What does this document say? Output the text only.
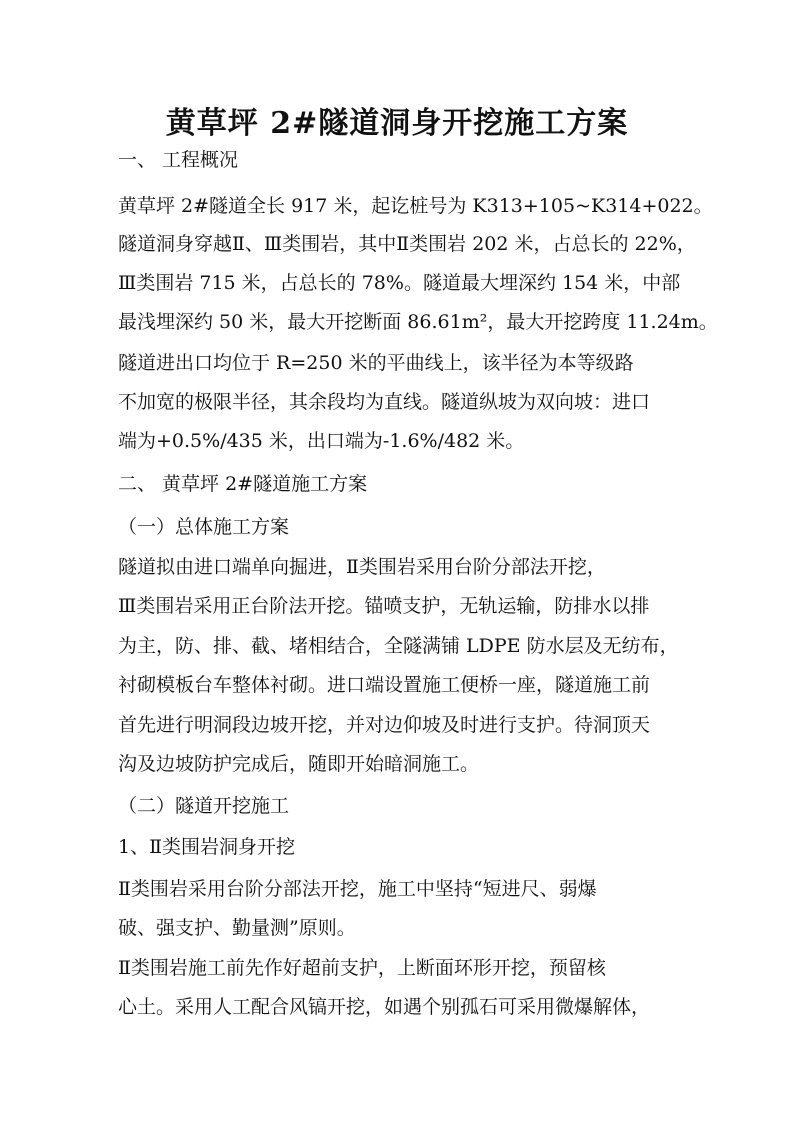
黄草坪 2#隧道洞身开挖施工方案
一、 工程概况
黄草坪 2#隧道全长 917 米，起讫桩号为 K313+105~K314+022。
隧道洞身穿越Ⅱ、Ⅲ类围岩，其中Ⅱ类围岩 202 米，占总长的 22%，
Ⅲ类围岩 715 米，占总长的 78%。隧道最大埋深约 154 米，中部
最浅埋深约 50 米，最大开挖断面 86.61m²，最大开挖跨度 11.24m。
隧道进出口均位于 R=250 米的平曲线上，该半径为本等级路
不加宽的极限半径，其余段均为直线。隧道纵坡为双向坡：进口
端为+0.5%/435 米，出口端为-1.6%/482 米。
二、 黄草坪 2#隧道施工方案
（一）总体施工方案
隧道拟由进口端单向掘进，Ⅱ类围岩采用台阶分部法开挖，
Ⅲ类围岩采用正台阶法开挖。锚喷支护，无轨运输，防排水以排
为主，防、排、截、堵相结合，全隧满铺 LDPE 防水层及无纺布，
衬砌模板台车整体衬砌。进口端设置施工便桥一座，隧道施工前
首先进行明洞段边坡开挖，并对边仰坡及时进行支护。待洞顶天
沟及边坡防护完成后，随即开始暗洞施工。
（二）隧道开挖施工
1、Ⅱ类围岩洞身开挖
Ⅱ类围岩采用台阶分部法开挖，施工中坚持“短进尺、弱爆
破、强支护、勤量测”原则。
Ⅱ类围岩施工前先作好超前支护，上断面环形开挖，预留核
心土。采用人工配合风镐开挖，如遇个别孤石可采用微爆解体，
